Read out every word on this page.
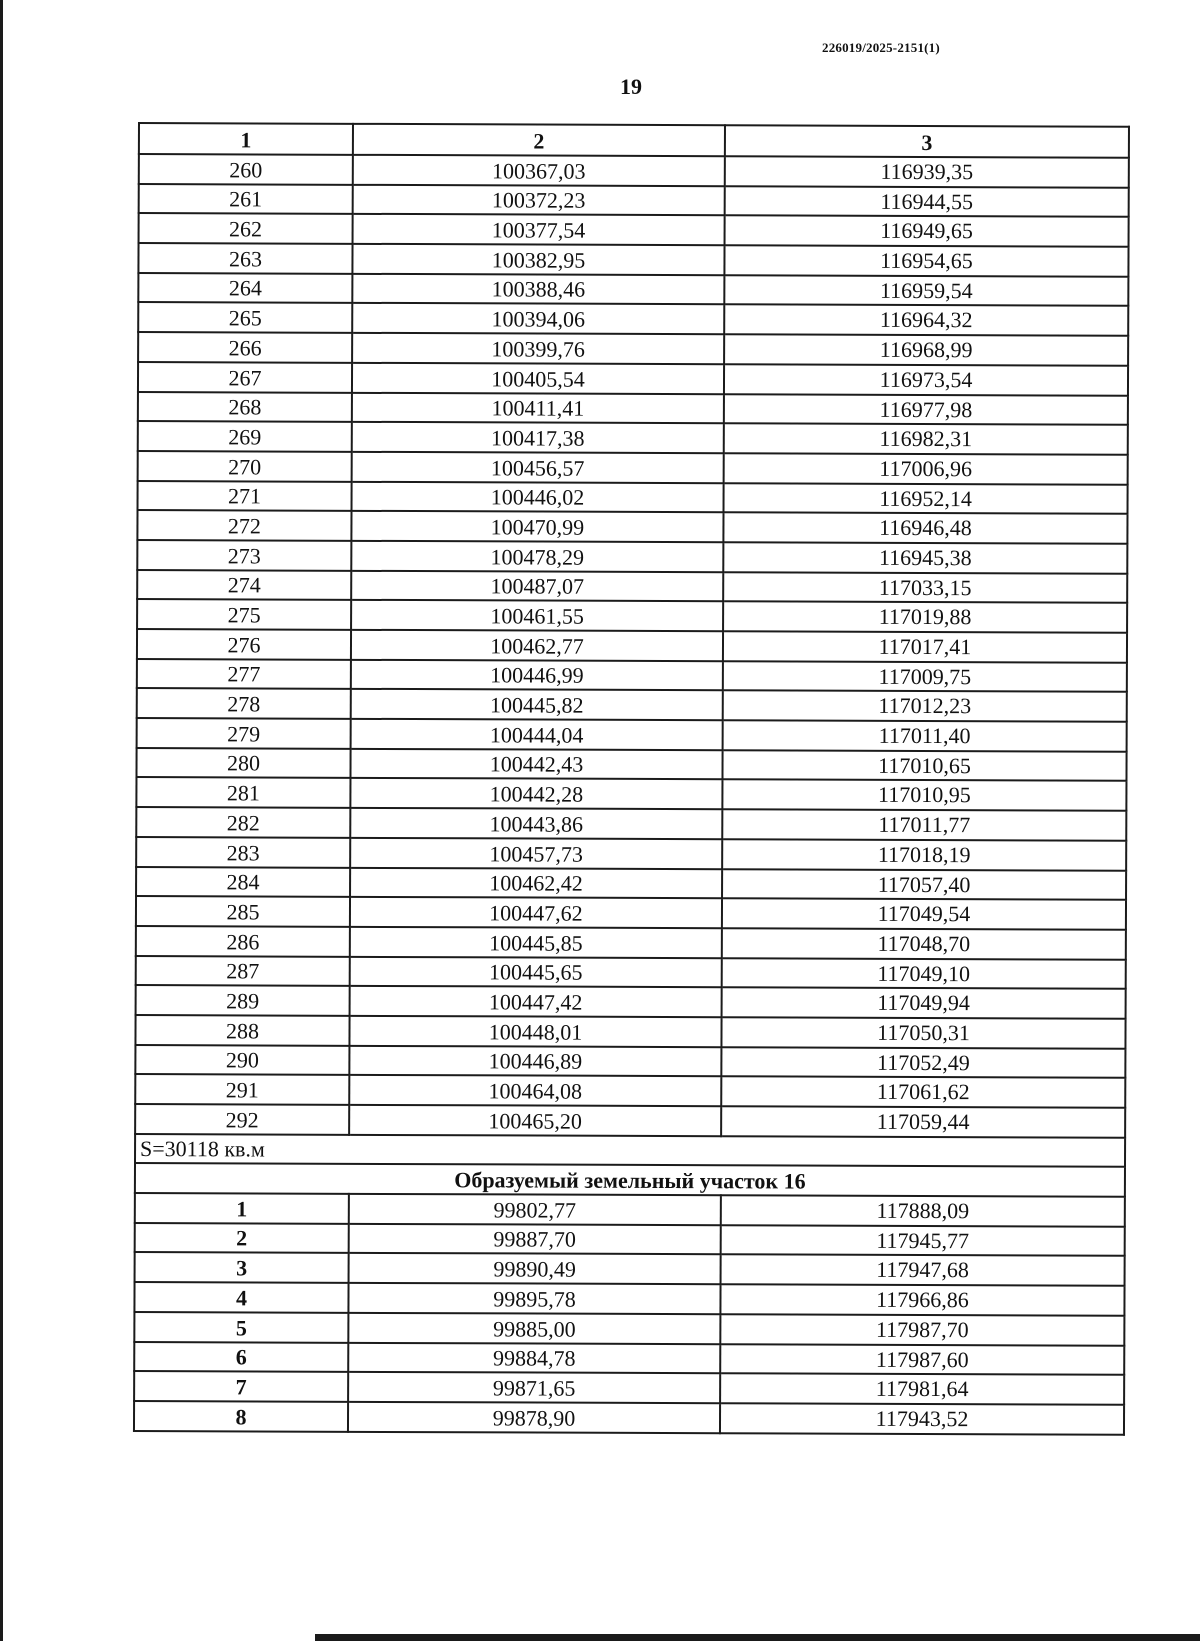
226019/2025-2151(1)
19
1	2	3
260	100367,03	116939,35
261	100372,23	116944,55
262	100377,54	116949,65
263	100382,95	116954,65
264	100388,46	116959,54
265	100394,06	116964,32
266	100399,76	116968,99
267	100405,54	116973,54
268	100411,41	116977,98
269	100417,38	116982,31
270	100456,57	117006,96
271	100446,02	116952,14
272	100470,99	116946,48
273	100478,29	116945,38
274	100487,07	117033,15
275	100461,55	117019,88
276	100462,77	117017,41
277	100446,99	117009,75
278	100445,82	117012,23
279	100444,04	117011,40
280	100442,43	117010,65
281	100442,28	117010,95
282	100443,86	117011,77
283	100457,73	117018,19
284	100462,42	117057,40
285	100447,62	117049,54
286	100445,85	117048,70
287	100445,65	117049,10
289	100447,42	117049,94
288	100448,01	117050,31
290	100446,89	117052,49
291	100464,08	117061,62
292	100465,20	117059,44
S=30118 кв.м		
Образуемый земельный участок 16		
1	99802,77	117888,09
2	99887,70	117945,77
3	99890,49	117947,68
4	99895,78	117966,86
5	99885,00	117987,70
6	99884,78	117987,60
7	99871,65	117981,64
8	99878,90	117943,52
